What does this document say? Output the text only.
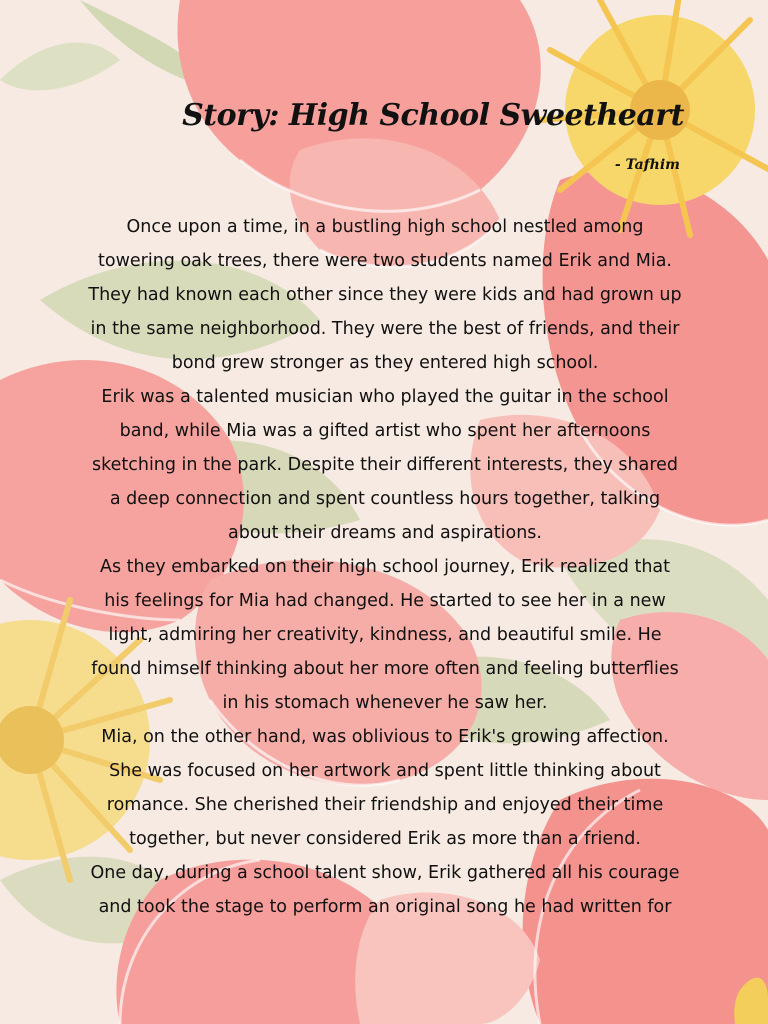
Story: High School Sweetheart
- Tafhim

Once upon a time, in a bustling high school nestled among towering oak trees, there were two students named Erik and Mia. They had known each other since they were kids and had grown up in the same neighborhood. They were the best of friends, and their bond grew stronger as they entered high school.

Erik was a talented musician who played the guitar in the school band, while Mia was a gifted artist who spent her afternoons sketching in the park. Despite their different interests, they shared a deep connection and spent countless hours together, talking about their dreams and aspirations.

As they embarked on their high school journey, Erik realized that his feelings for Mia had changed. He started to see her in a new light, admiring her creativity, kindness, and beautiful smile. He found himself thinking about her more often and feeling butterflies in his stomach whenever he saw her.

Mia, on the other hand, was oblivious to Erik's growing affection. She was focused on her artwork and spent little thinking about romance. She cherished their friendship and enjoyed their time together, but never considered Erik as more than a friend.

One day, during a school talent show, Erik gathered all his courage and took the stage to perform an original song he had written for
